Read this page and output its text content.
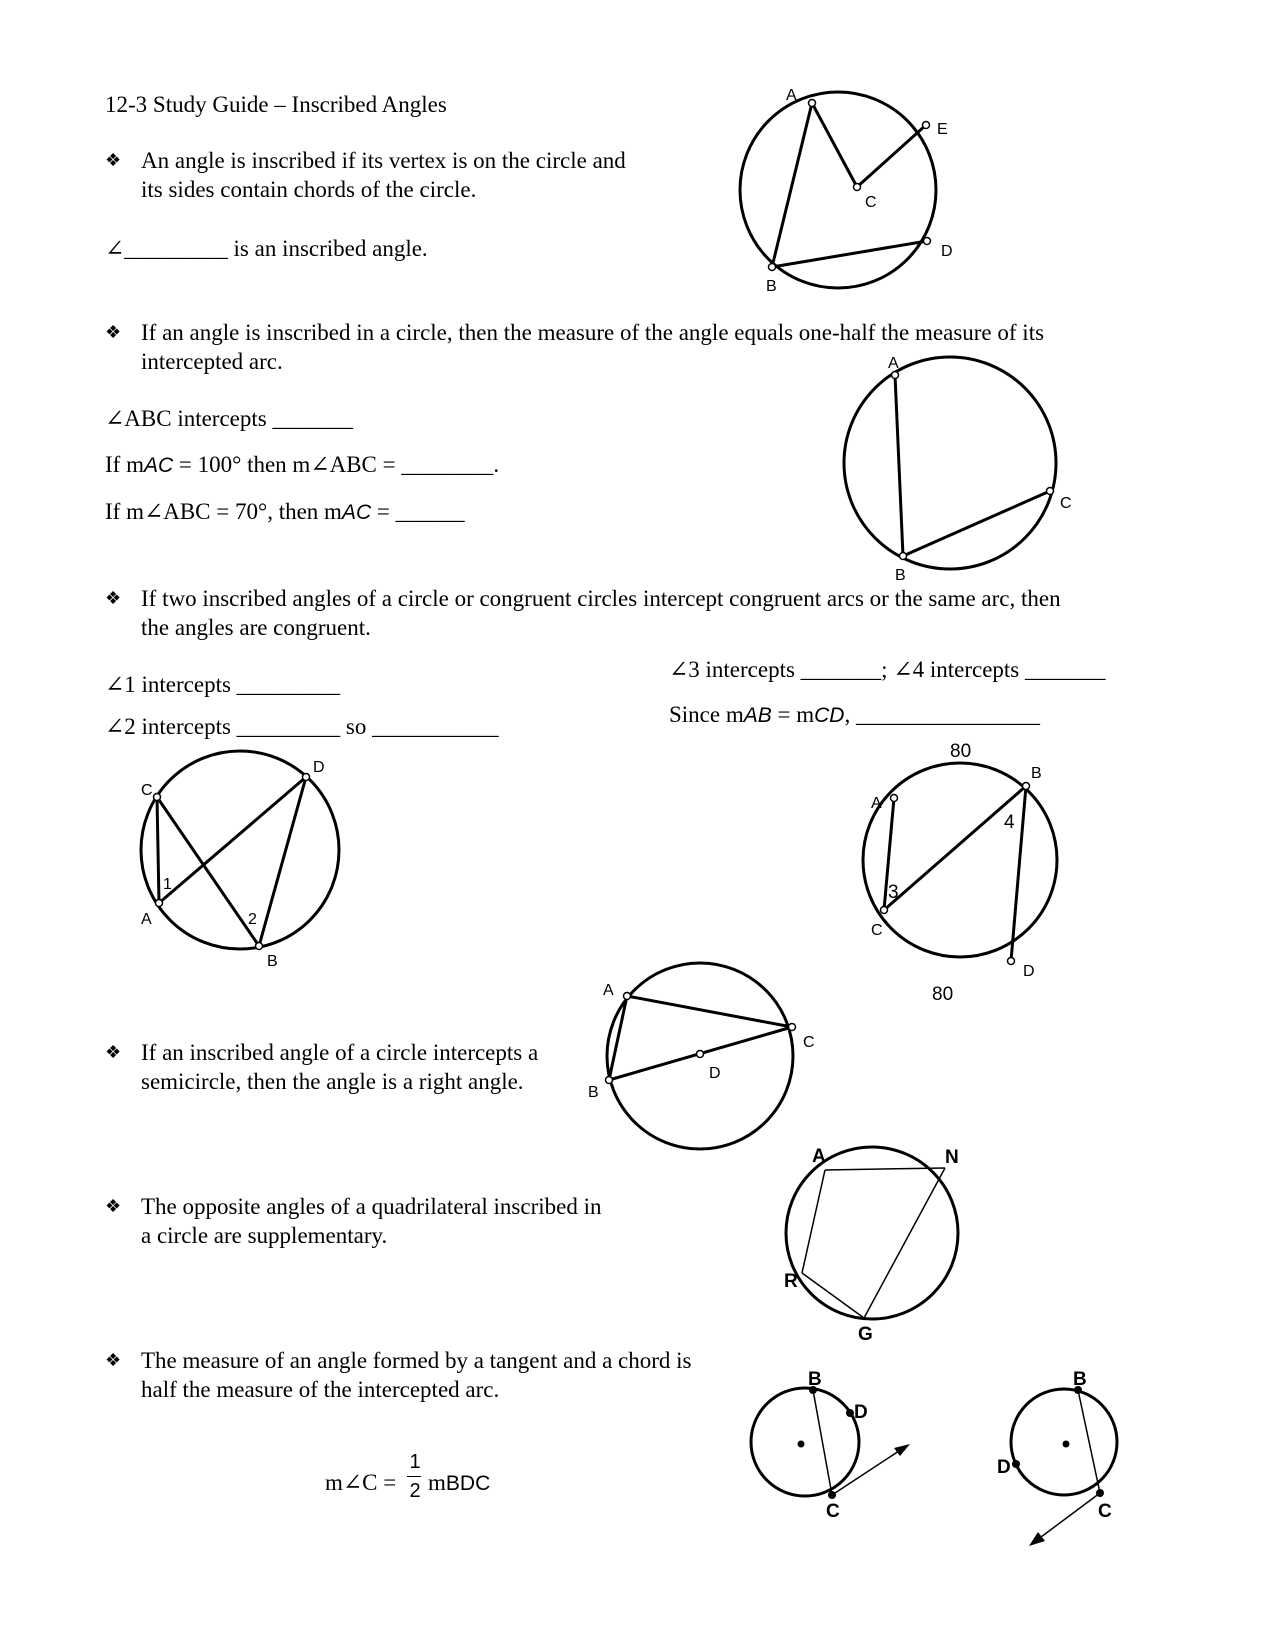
12-3 Study Guide – Inscribed Angles
❖ An angle is inscribed if its vertex is on the circle and
its sides contain chords of the circle.
∠_________ is an inscribed angle.
A
E
C
D
B
❖ If an angle is inscribed in a circle, then the measure of the angle equals one-half the measure of its
intercepted arc.
∠ABC intercepts _______
If mAC = 100° then m∠ABC = ________.
If m∠ABC = 70°, then mAC = ______
A
C
B
❖ If two inscribed angles of a circle or congruent circles intercept congruent arcs or the same arc, then
the angles are congruent.
∠3 intercepts _______; ∠4 intercepts _______
∠1 intercepts _________
Since mAB = mCD, ________________
∠2 intercepts _________ so ___________
C
D
A
B
1
2
80
B
A
4
3
C
D
80
❖ If an inscribed angle of a circle intercepts a
semicircle, then the angle is a right angle.
A
C
B
D
❖ The opposite angles of a quadrilateral inscribed in
a circle are supplementary.
A	N
R
G
❖ The measure of an angle formed by a tangent and a chord is
half the measure of the intercepted arc.
m∠C =
1
2 mBDC
B
D
C
B
D
C
